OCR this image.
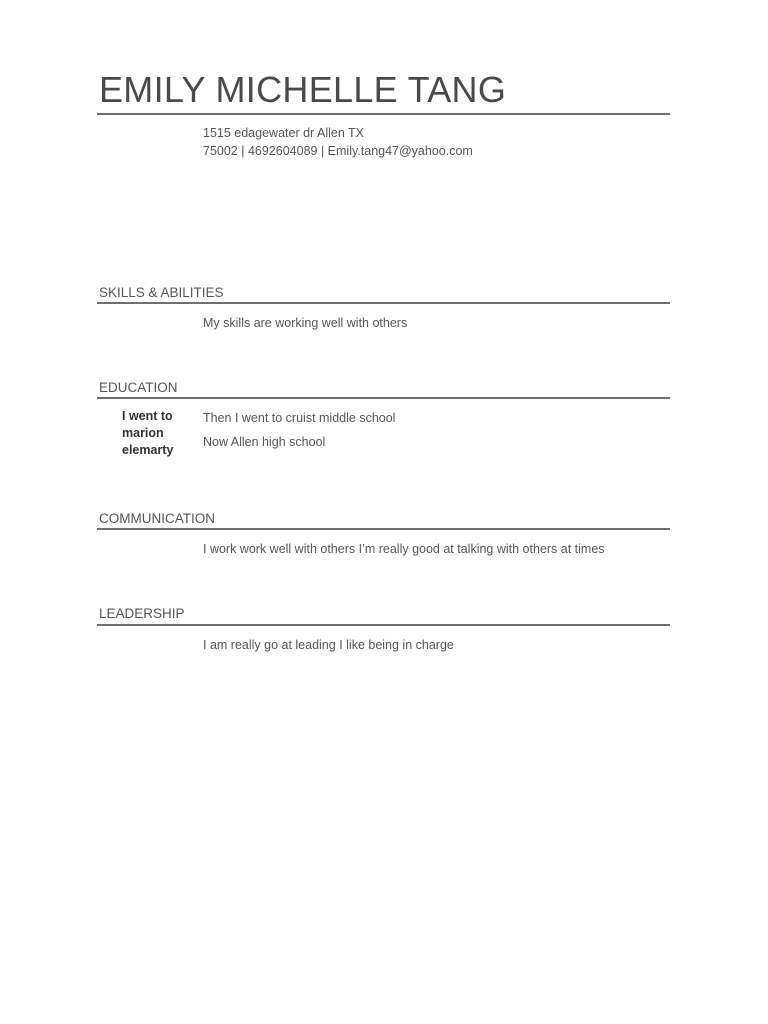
EMILY MICHELLE TANG
1515 edagewater dr Allen TX
75002 | 4692604089 | Emily.tang47@yahoo.com
SKILLS & ABILITIES
My skills are working well with others
EDUCATION
I went to
marion
elemarty
Then I went to cruist middle school
Now Allen high school
COMMUNICATION
I work work well with others I’m really good at talking with others at times
LEADERSHIP
I am really go at leading I like being in charge
